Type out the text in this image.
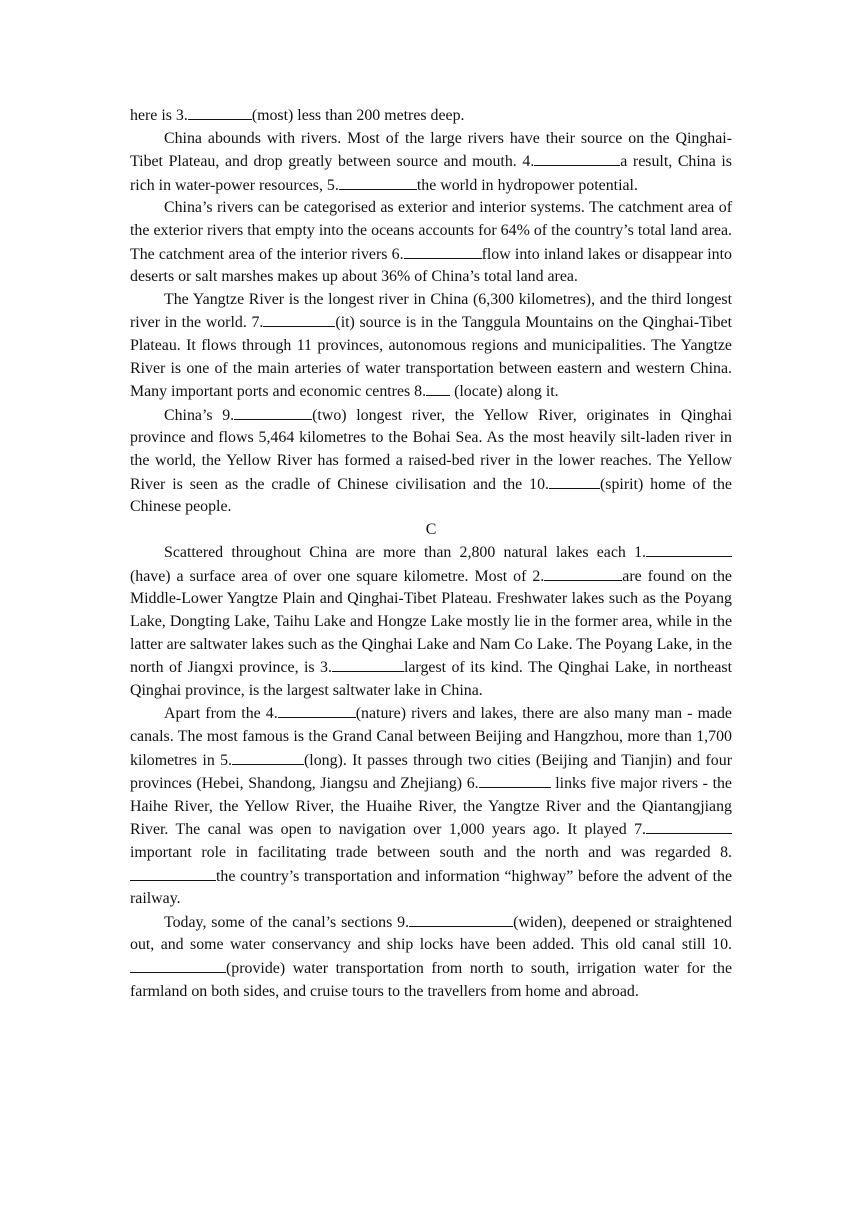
here is 3.	(most) less than 200 metres deep.

China abounds with rivers. Most of the large rivers have their source on the Qinghai-Tibet Plateau, and drop greatly between source and mouth. 4.	a result, China is rich in water-power resources, 5.	the world in hydropower potential.

China’s rivers can be categorised as exterior and interior systems. The catchment area of the exterior rivers that empty into the oceans accounts for 64% of the country’s total land area. The catchment area of the interior rivers 6.	flow into inland lakes or disappear into deserts or salt marshes makes up about 36% of China’s total land area.

The Yangtze River is the longest river in China (6,300 kilometres), and the third longest river in the world. 7.	(it) source is in the Tanggula Mountains on the Qinghai-Tibet Plateau. It flows through 11 provinces, autonomous regions and municipalities. The Yangtze River is one of the main arteries of water transportation between eastern and western China. Many important ports and economic centres 8. (locate) along it.

China’s 9.	(two) longest river, the Yellow River, originates in Qinghai province and flows 5,464 kilometres to the Bohai Sea. As the most heavily silt-laden river in the world, the Yellow River has formed a raised-bed river in the lower reaches. The Yellow River is seen as the cradle of Chinese civilisation and the 10.	(spirit) home of the Chinese people.

C

Scattered throughout China are more than 2,800 natural lakes each 1. (have) a surface area of over one square kilometre. Most of 2.	are found on the Middle-Lower Yangtze Plain and Qinghai-Tibet Plateau. Freshwater lakes such as the Poyang Lake, Dongting Lake, Taihu Lake and Hongze Lake mostly lie in the former area, while in the latter are saltwater lakes such as the Qinghai Lake and Nam Co Lake. The Poyang Lake, in the north of Jiangxi province, is 3.	largest of its kind. The Qinghai Lake, in northeast Qinghai province, is the largest saltwater lake in China.

Apart from the 4.	(nature) rivers and lakes, there are also many man - made canals. The most famous is the Grand Canal between Beijing and Hangzhou, more than 1,700 kilometres in 5.	(long). It passes through two cities (Beijing and Tianjin) and four provinces (Hebei, Shandong, Jiangsu and Zhejiang) 6.	links five major rivers - the Haihe River, the Yellow River, the Huaihe River, the Yangtze River and the Qiantangjiang River. The canal was open to navigation over 1,000 years ago. It played 7.important role in facilitating trade between south and the north and was regarded 8.the country’s transportation and information “highway” before the advent of the railway.

Today, some of the canal’s sections 9.	(widen), deepened or straightened out, and some water conservancy and ship locks have been added. This old canal still 10.(provide) water transportation from north to south, irrigation water for the farmland on both sides, and cruise tours to the travellers from home and abroad.
